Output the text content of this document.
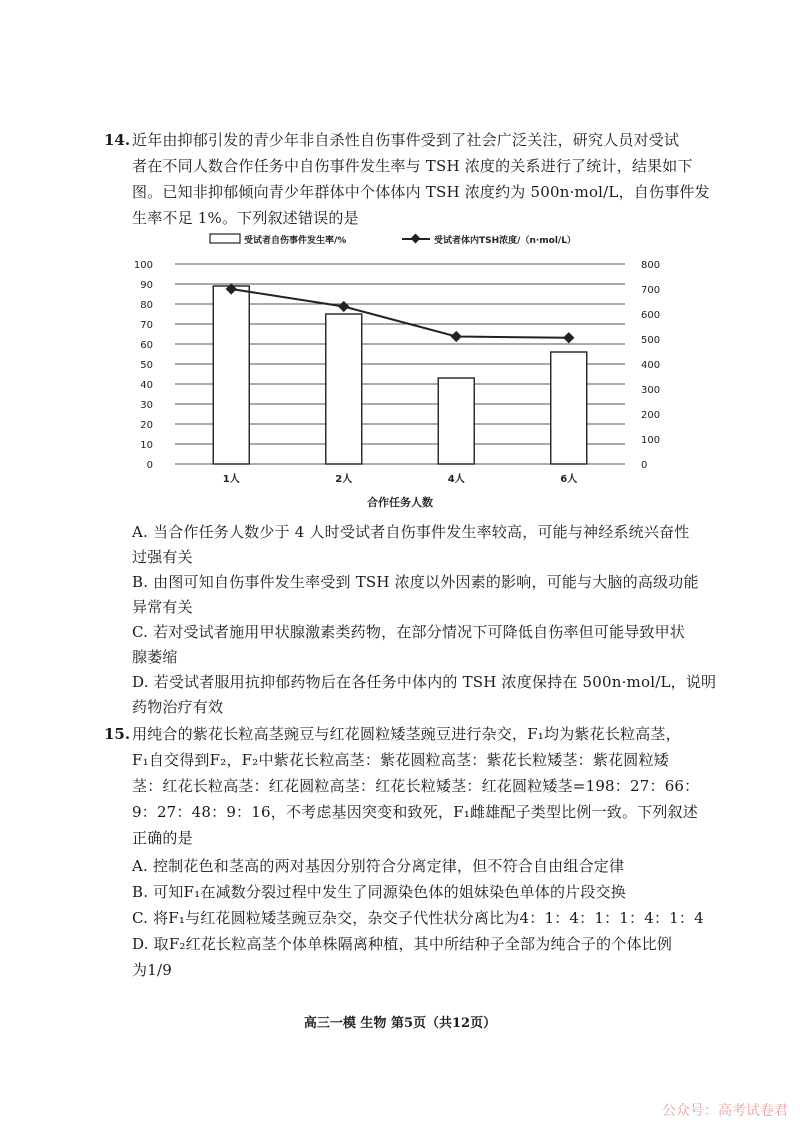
14. 近年由抑郁引发的青少年非自杀性自伤事件受到了社会广泛关注，研究人员对受试
者在不同人数合作任务中自伤事件发生率与 TSH 浓度的关系进行了统计，结果如下
图。已知非抑郁倾向青少年群体中个体体内 TSH 浓度约为 500n·mol/L，自伤事件发
生率不足 1%。下列叙述错误的是
受试者自伤事件发生率/%	受试者体内TSH浓度/（n·mol/L）
0
10
20
30
40
50
60
70
80
90
100
0
100
200
300
400
500
600
700
800
1人	2人	4人	6人
合作任务人数
A. 当合作任务人数少于 4 人时受试者自伤事件发生率较高，可能与神经系统兴奋性
过强有关
B. 由图可知自伤事件发生率受到 TSH 浓度以外因素的影响，可能与大脑的高级功能
异常有关
C. 若对受试者施用甲状腺激素类药物，在部分情况下可降低自伤率但可能导致甲状
腺萎缩
D. 若受试者服用抗抑郁药物后在各任务中体内的 TSH 浓度保持在 500n·mol/L，说明
药物治疗有效
15. 用纯合的紫花长粒高茎豌豆与红花圆粒矮茎豌豆进行杂交，F₁均为紫花长粒高茎，
F₁自交得到F₂，F₂中紫花长粒高茎：紫花圆粒高茎：紫花长粒矮茎：紫花圆粒矮
茎：红花长粒高茎：红花圆粒高茎：红花长粒矮茎：红花圆粒矮茎=198：27：66：
9：27：48：9：16，不考虑基因突变和致死，F₁雌雄配子类型比例一致。下列叙述
正确的是
A. 控制花色和茎高的两对基因分别符合分离定律，但不符合自由组合定律
B. 可知F₁在减数分裂过程中发生了同源染色体的姐妹染色单体的片段交换
C. 将F₁与红花圆粒矮茎豌豆杂交，杂交子代性状分离比为4：1：4：1：1：4：1：4
D. 取F₂红花长粒高茎个体单株隔离种植，其中所结种子全部为纯合子的个体比例
为1/9
高三一模 生物 第5页（共12页）
公众号：高考试卷君
